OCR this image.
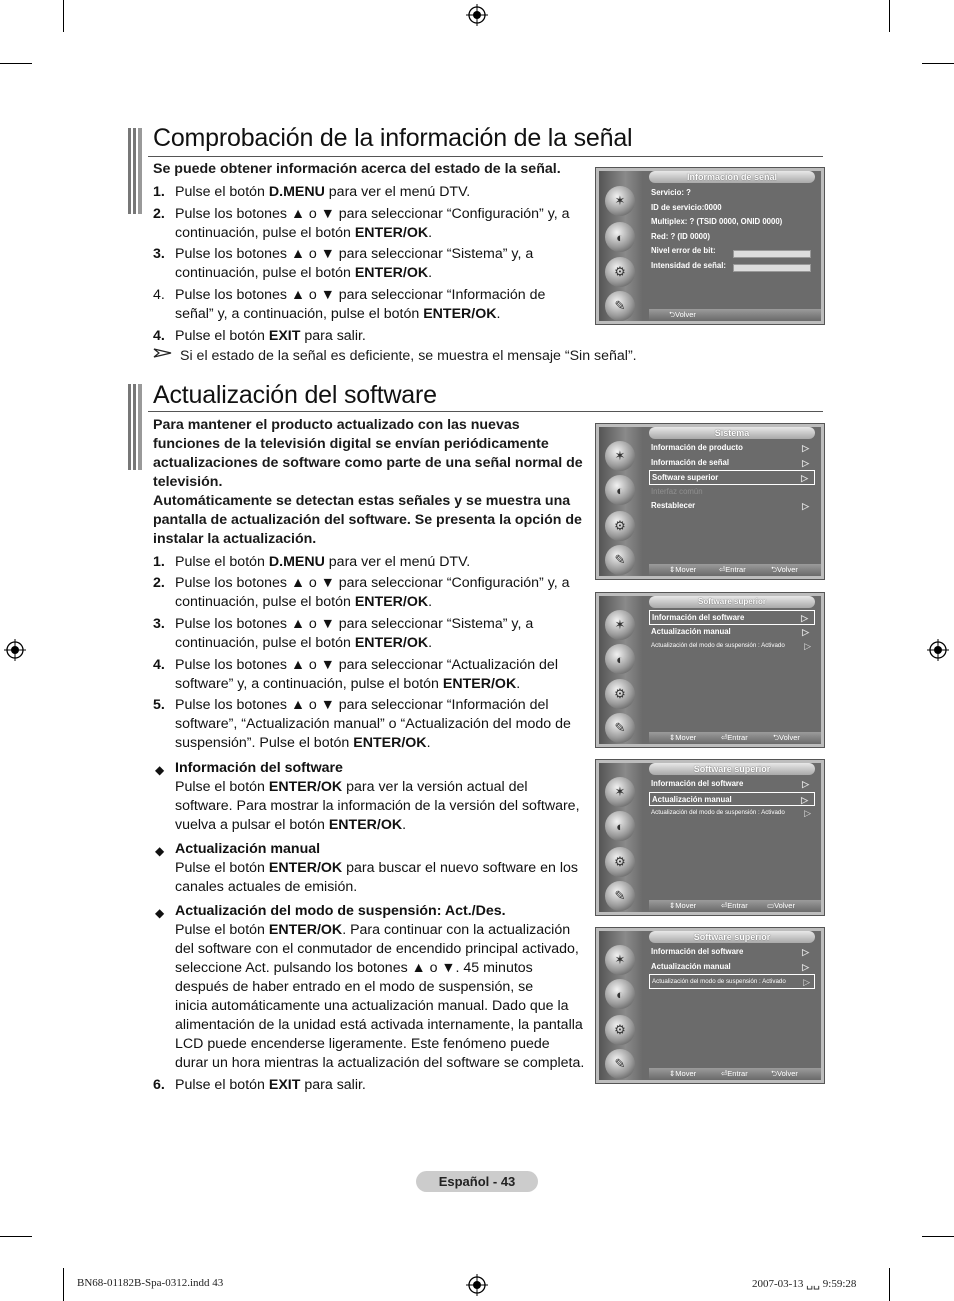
Comprobación de la información de la señal
Se puede obtener información acerca del estado de la señal.
1. Pulse el botón D.MENU para ver el menú DTV.
2. Pulse los botones ▲ o ▼ para seleccionar “Configuración” y, a
continuación, pulse el botón ENTER/OK.
3. Pulse los botones ▲ o ▼ para seleccionar “Sistema” y, a
continuación, pulse el botón ENTER/OK.
4. Pulse los botones ▲ o ▼ para seleccionar “Información de
señal” y, a continuación, pulse el botón ENTER/OK.
4. Pulse el botón EXIT para salir.
Si el estado de la señal es deficiente, se muestra el mensaje “Sin señal”.
✶
◐
⚙
✎
Información de señal
Servicio: ?
ID de servicio:0000
Multiplex: ? (TSID 0000, ONID 0000)
Red: ? (ID 0000)
Nivel error de bit:
Intensidad de señal:
⮌ Volver
Actualización del software
Para mantener el producto actualizado con las nuevas
funciones de la televisión digital se envían periódicamente
actualizaciones de software como parte de una señal normal de
televisión.
Automáticamente se detectan estas señales y se muestra una
pantalla de actualización del software. Se presenta la opción de
instalar la actualización.
1. Pulse el botón D.MENU para ver el menú DTV.
2. Pulse los botones ▲ o ▼ para seleccionar “Configuración” y, a
continuación, pulse el botón ENTER/OK.
3. Pulse los botones ▲ o ▼ para seleccionar “Sistema” y, a
continuación, pulse el botón ENTER/OK.
4. Pulse los botones ▲ o ▼ para seleccionar “Actualización del
software” y, a continuación, pulse el botón ENTER/OK.
5. Pulse los botones ▲ o ▼ para seleccionar “Información del
software”, “Actualización manual” o “Actualización del modo de
suspensión”. Pulse el botón ENTER/OK.
◆ Información del software
Pulse el botón ENTER/OK para ver la versión actual del
software. Para mostrar la información de la versión del software,
vuelva a pulsar el botón ENTER/OK.
◆ Actualización manual
Pulse el botón ENTER/OK para buscar el nuevo software en los
canales actuales de emisión.
◆ Actualización del modo de suspensión: Act./Des.
Pulse el botón ENTER/OK. Para continuar con la actualización
del software con el conmutador de encendido principal activado,
seleccione Act. pulsando los botones ▲ o ▼. 45 minutos
después de haber entrado en el modo de suspensión, se
inicia automáticamente una actualización manual. Dado que la
alimentación de la unidad está activada internamente, la pantalla
LCD puede encenderse ligeramente. Este fenómeno puede
durar un hora mientras la actualización del software se completa.
6. Pulse el botón EXIT para salir.
✶
◐
⚙
✎
Sistema
Información de producto	▷
Información de señal	▷
Software superior	▷
Interfaz común
Restablecer	▷
⇕ Mover	⏎ Entrar	⮌ Volver
✶
◐
⚙
✎
Software superior
Información del software	▷
Actualización manual	▷
Actualización del modo de suspensión : Activado ▷
⇕ Mover	⏎ Entrar	⮌ Volver
✶
◐
⚙
✎
Software superior
Información del software	▷
Actualización manual	▷
Actualización del modo de suspensión : Activado ▷
⇕ Mover	⏎ Entrar	▭ Volver
✶
◐
⚙
✎
Software superior
Información del software	▷
Actualización manual	▷
Actualización del modo de suspensión : Activado ▷
⇕ Mover	⏎ Entrar	⮌ Volver
Español - 43
BN68-01182B-Spa-0312.indd 43	2007-03-13 ␣␣ 9:59:28
